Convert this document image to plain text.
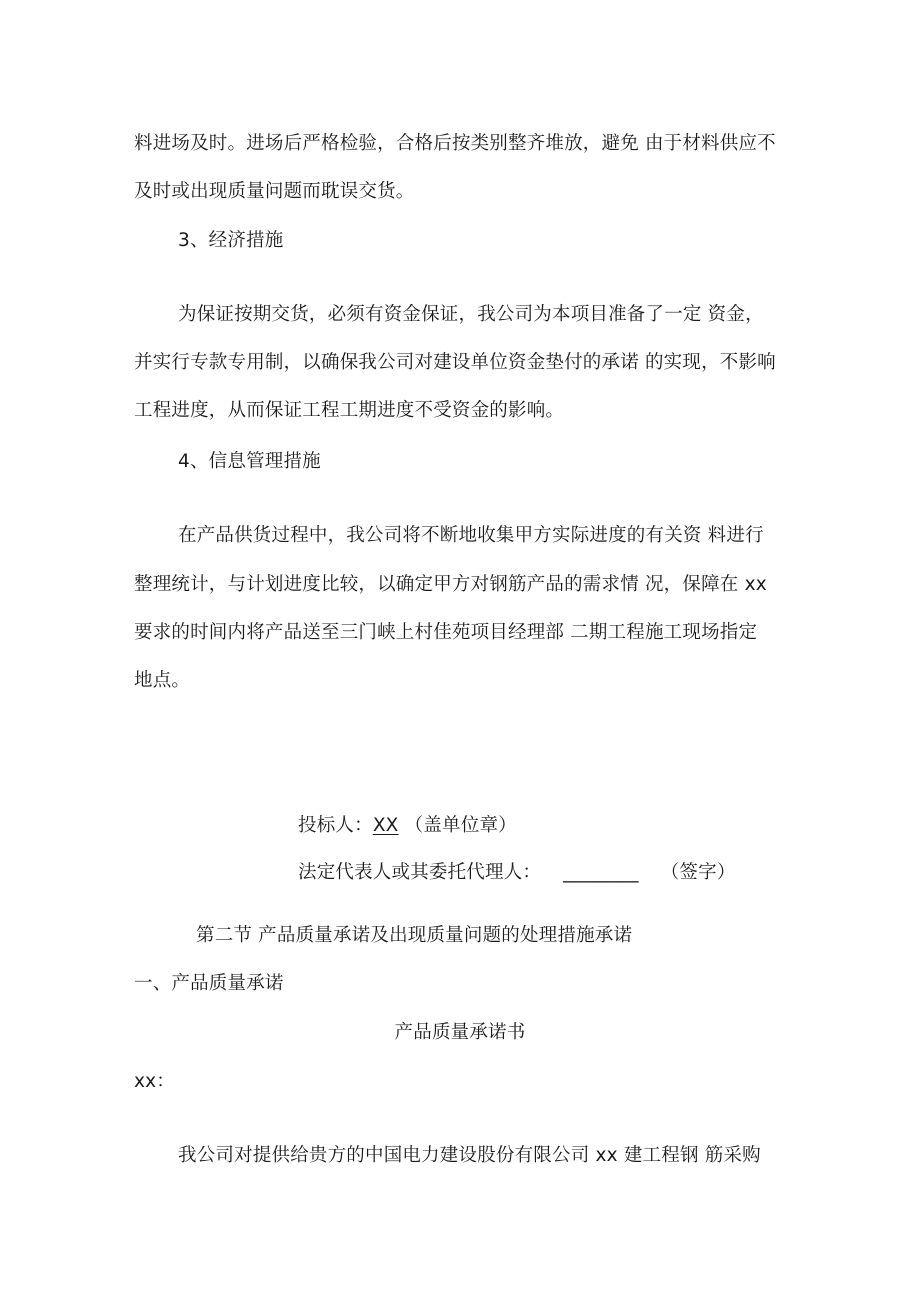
料进场及时。进场后严格检验，合格后按类别整齐堆放，避免 由于材料供应不
及时或出现质量问题而耽误交货。
3、经济措施
为保证按期交货，必须有资金保证，我公司为本项目准备了一定 资金，
并实行专款专用制，以确保我公司对建设单位资金垫付的承诺 的实现，不影响
工程进度，从而保证工程工期进度不受资金的影响。
4、信息管理措施
在产品供货过程中，我公司将不断地收集甲方实际进度的有关资 料进行
整理统计，与计划进度比较，以确定甲方对钢筋产品的需求情 况，保障在 xx
要求的时间内将产品送至三门峡上村佳苑项目经理部 二期工程施工现场指定
地点。
投标人：XX （盖单位章）
法定代表人或其委托代理人： ________ （签字）
第二节 产品质量承诺及出现质量问题的处理措施承诺
一、产品质量承诺
产品质量承诺书
xx：
我公司对提供给贵方的中国电力建设股份有限公司 xx 建工程钢 筋采购
